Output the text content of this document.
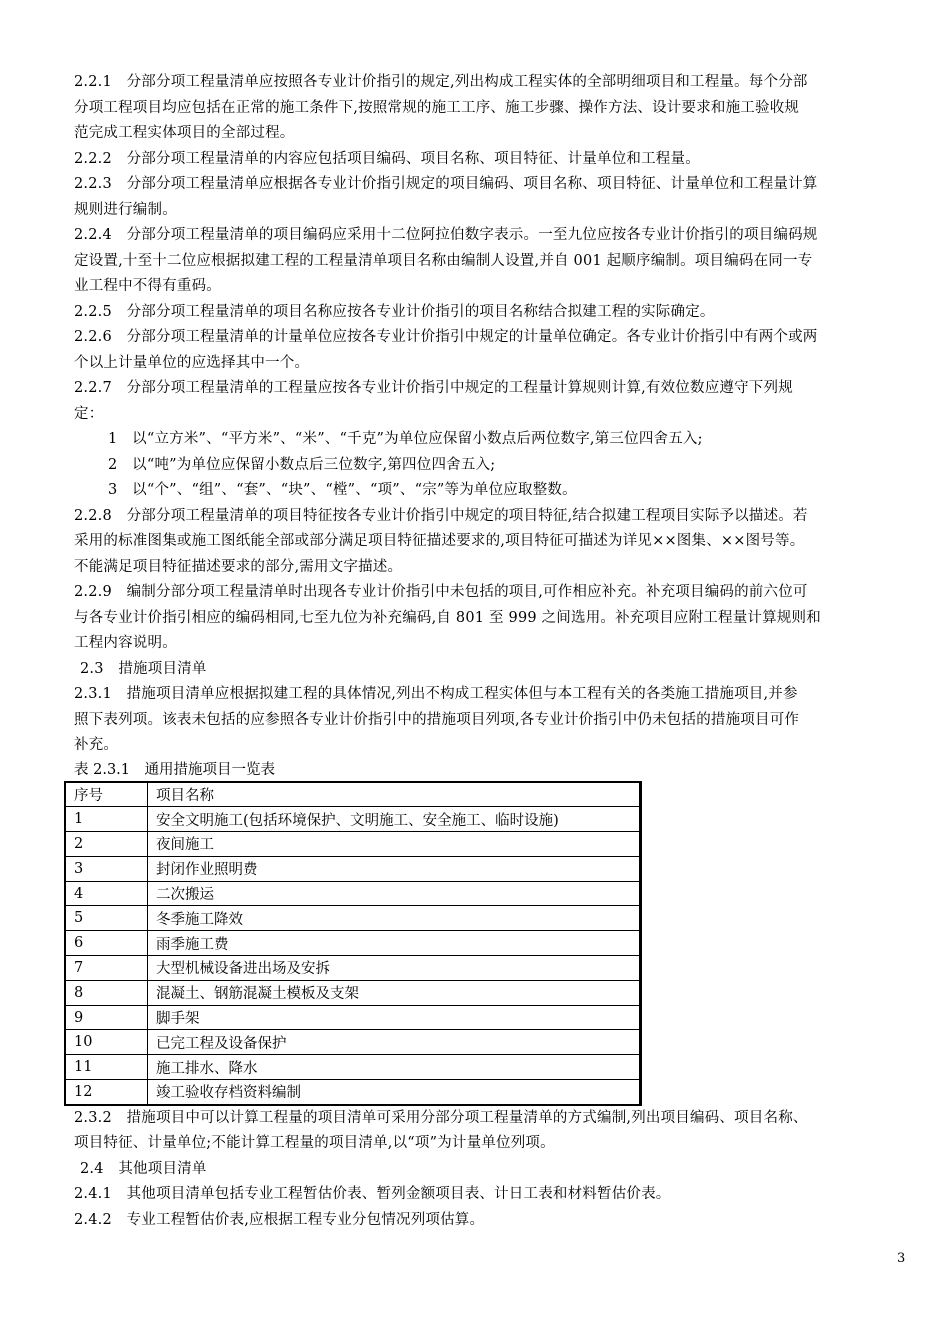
2.2.1　分部分项工程量清单应按照各专业计价指引的规定,列出构成工程实体的全部明细项目和工程量。每个分部
分项工程项目均应包括在正常的施工条件下,按照常规的施工工序、施工步骤、操作方法、设计要求和施工验收规
范完成工程实体项目的全部过程。
2.2.2　分部分项工程量清单的内容应包括项目编码、项目名称、项目特征、计量单位和工程量。
2.2.3　分部分项工程量清单应根据各专业计价指引规定的项目编码、项目名称、项目特征、计量单位和工程量计算
规则进行编制。
2.2.4　分部分项工程量清单的项目编码应采用十二位阿拉伯数字表示。一至九位应按各专业计价指引的项目编码规
定设置,十至十二位应根据拟建工程的工程量清单项目名称由编制人设置,并自 001 起顺序编制。项目编码在同一专
业工程中不得有重码。
2.2.5　分部分项工程量清单的项目名称应按各专业计价指引的项目名称结合拟建工程的实际确定。
2.2.6　分部分项工程量清单的计量单位应按各专业计价指引中规定的计量单位确定。各专业计价指引中有两个或两
个以上计量单位的应选择其中一个。
2.2.7　分部分项工程量清单的工程量应按各专业计价指引中规定的工程量计算规则计算,有效位数应遵守下列规
定：
1　以“立方米”、“平方米”、“米”、“千克”为单位应保留小数点后两位数字,第三位四舍五入;
2　以“吨”为单位应保留小数点后三位数字,第四位四舍五入;
3　以“个”、“组”、“套”、“块”、“樘”、“项”、“宗”等为单位应取整数。
2.2.8　分部分项工程量清单的项目特征按各专业计价指引中规定的项目特征,结合拟建工程项目实际予以描述。若
采用的标准图集或施工图纸能全部或部分满足项目特征描述要求的,项目特征可描述为详见××图集、××图号等。
不能满足项目特征描述要求的部分,需用文字描述。
2.2.9　编制分部分项工程量清单时出现各专业计价指引中未包括的项目,可作相应补充。补充项目编码的前六位可
与各专业计价指引相应的编码相同,七至九位为补充编码,自 801 至 999 之间选用。补充项目应附工程量计算规则和
工程内容说明。
2.3　措施项目清单
2.3.1　措施项目清单应根据拟建工程的具体情况,列出不构成工程实体但与本工程有关的各类施工措施项目,并参
照下表列项。该表未包括的应参照各专业计价指引中的措施项目列项,各专业计价指引中仍未包括的措施项目可作
补充。
表 2.3.1　通用措施项目一览表
序号	项目名称
1	安全文明施工(包括环境保护、文明施工、安全施工、临时设施)
2	夜间施工
3	封闭作业照明费
4	二次搬运
5	冬季施工降效
6	雨季施工费
7	大型机械设备进出场及安拆
8	混凝土、钢筋混凝土模板及支架
9	脚手架
10	已完工程及设备保护
11	施工排水、降水
12	竣工验收存档资料编制
2.3.2　措施项目中可以计算工程量的项目清单可采用分部分项工程量清单的方式编制,列出项目编码、项目名称、
项目特征、计量单位;不能计算工程量的项目清单,以“项”为计量单位列项。
2.4　其他项目清单
2.4.1　其他项目清单包括专业工程暂估价表、暂列金额项目表、计日工表和材料暂估价表。
2.4.2　专业工程暂估价表,应根据工程专业分包情况列项估算。
3
